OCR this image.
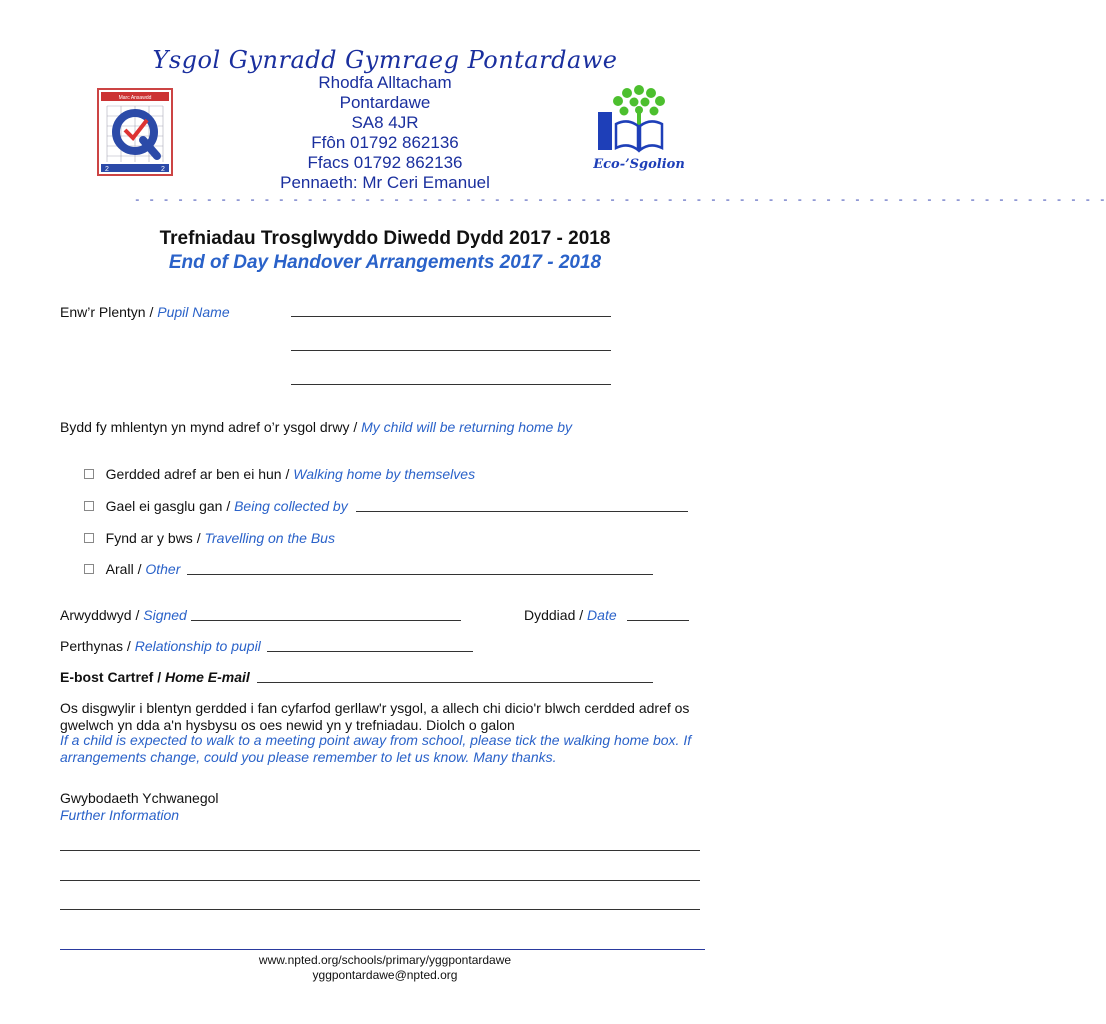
Ysgol Gynradd Gymraeg Pontardawe
Rhodfa Alltacham
Pontardawe
SA8 4JR
Ffôn 01792 862136
Ffacs 01792 862136
Pennaeth: Mr Ceri Emanuel
Marc Ansawdd
2	2	Eco-’Sgolion
- - - - - - - - - - - - - - - - - - - - - - - - - - - - - - - - - - - - - - - - - - - - - - - - - - - - - - - - - - - - - - - - - - - -
Trefniadau Trosglwyddo Diwedd Dydd 2017 - 2018
End of Day Handover Arrangements 2017 - 2018
Enw’r Plentyn / Pupil Name
Bydd fy mhlentyn yn mynd adref o’r ysgol drwy / My child will be returning home by
Gerdded adref ar ben ei hun / Walking home by themselves
Gael ei gasglu gan / Being collected by
Fynd ar y bws / Travelling on the Bus
Arall / Other
Arwyddwyd / Signed	Dyddiad / Date
Perthynas / Relationship to pupil
E-bost Cartref / Home E-mail
Os disgwylir i blentyn gerdded i fan cyfarfod gerllaw'r ysgol, a allech chi dicio'r blwch cerdded adref os
gwelwch yn dda a'n hysbysu os oes newid yn y trefniadau. Diolch o galon
If a child is expected to walk to a meeting point away from school, please tick the walking home box. If
arrangements change, could you please remember to let us know. Many thanks.
Gwybodaeth Ychwanegol
Further Information
www.npted.org/schools/primary/yggpontardawe
yggpontardawe@npted.org
